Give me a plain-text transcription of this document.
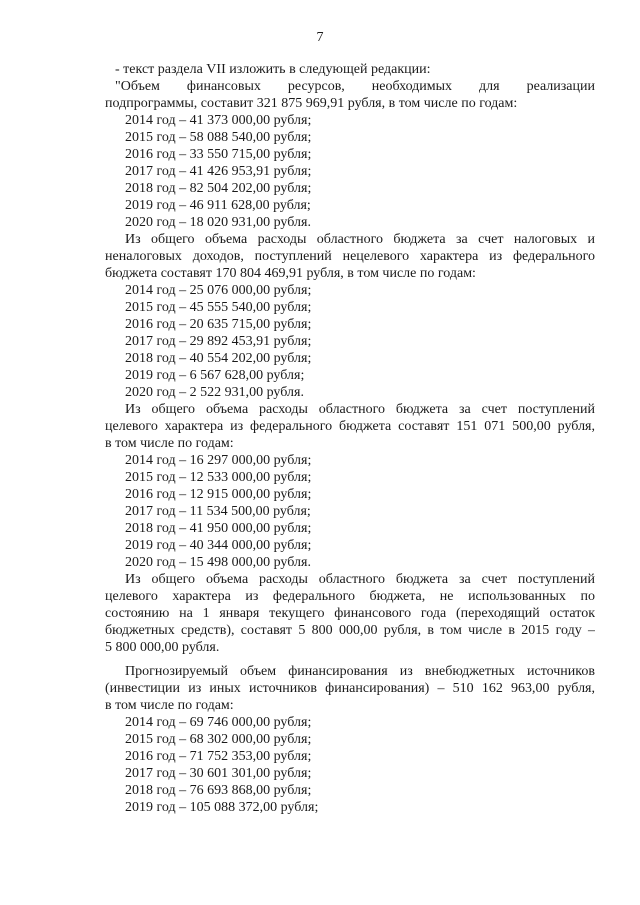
7
- текст раздела VII изложить в следующей редакции:
"Объем финансовых ресурсов, необходимых для реализации
подпрограммы, составит 321 875 969,91 рубля, в том числе по годам:
2014 год – 41 373 000,00 рубля;
2015 год – 58 088 540,00 рубля;
2016 год – 33 550 715,00 рубля;
2017 год – 41 426 953,91 рубля;
2018 год – 82 504 202,00 рубля;
2019 год – 46 911 628,00 рубля;
2020 год – 18 020 931,00 рубля.
Из общего объема расходы областного бюджета за счет налоговых и
неналоговых доходов, поступлений нецелевого характера из федерального
бюджета составят 170 804 469,91 рубля, в том числе по годам:
2014 год – 25 076 000,00 рубля;
2015 год – 45 555 540,00 рубля;
2016 год – 20 635 715,00 рубля;
2017 год – 29 892 453,91 рубля;
2018 год – 40 554 202,00 рубля;
2019 год – 6 567 628,00 рубля;
2020 год – 2 522 931,00 рубля.
Из общего объема расходы областного бюджета за счет поступлений
целевого характера из федерального бюджета составят 151 071 500,00 рубля,
в том числе по годам:
2014 год – 16 297 000,00 рубля;
2015 год – 12 533 000,00 рубля;
2016 год – 12 915 000,00 рубля;
2017 год – 11 534 500,00 рубля;
2018 год – 41 950 000,00 рубля;
2019 год – 40 344 000,00 рубля;
2020 год – 15 498 000,00 рубля.
Из общего объема расходы областного бюджета за счет поступлений
целевого характера из федерального бюджета, не использованных по
состоянию на 1 января текущего финансового года (переходящий остаток
бюджетных средств), составят 5 800 000,00 рубля, в том числе в 2015 году –
5 800 000,00 рубля.
Прогнозируемый объем финансирования из внебюджетных источников
(инвестиции из иных источников финансирования) – 510 162 963,00 рубля,
в том числе по годам:
2014 год – 69 746 000,00 рубля;
2015 год – 68 302 000,00 рубля;
2016 год – 71 752 353,00 рубля;
2017 год – 30 601 301,00 рубля;
2018 год – 76 693 868,00 рубля;
2019 год – 105 088 372,00 рубля;
